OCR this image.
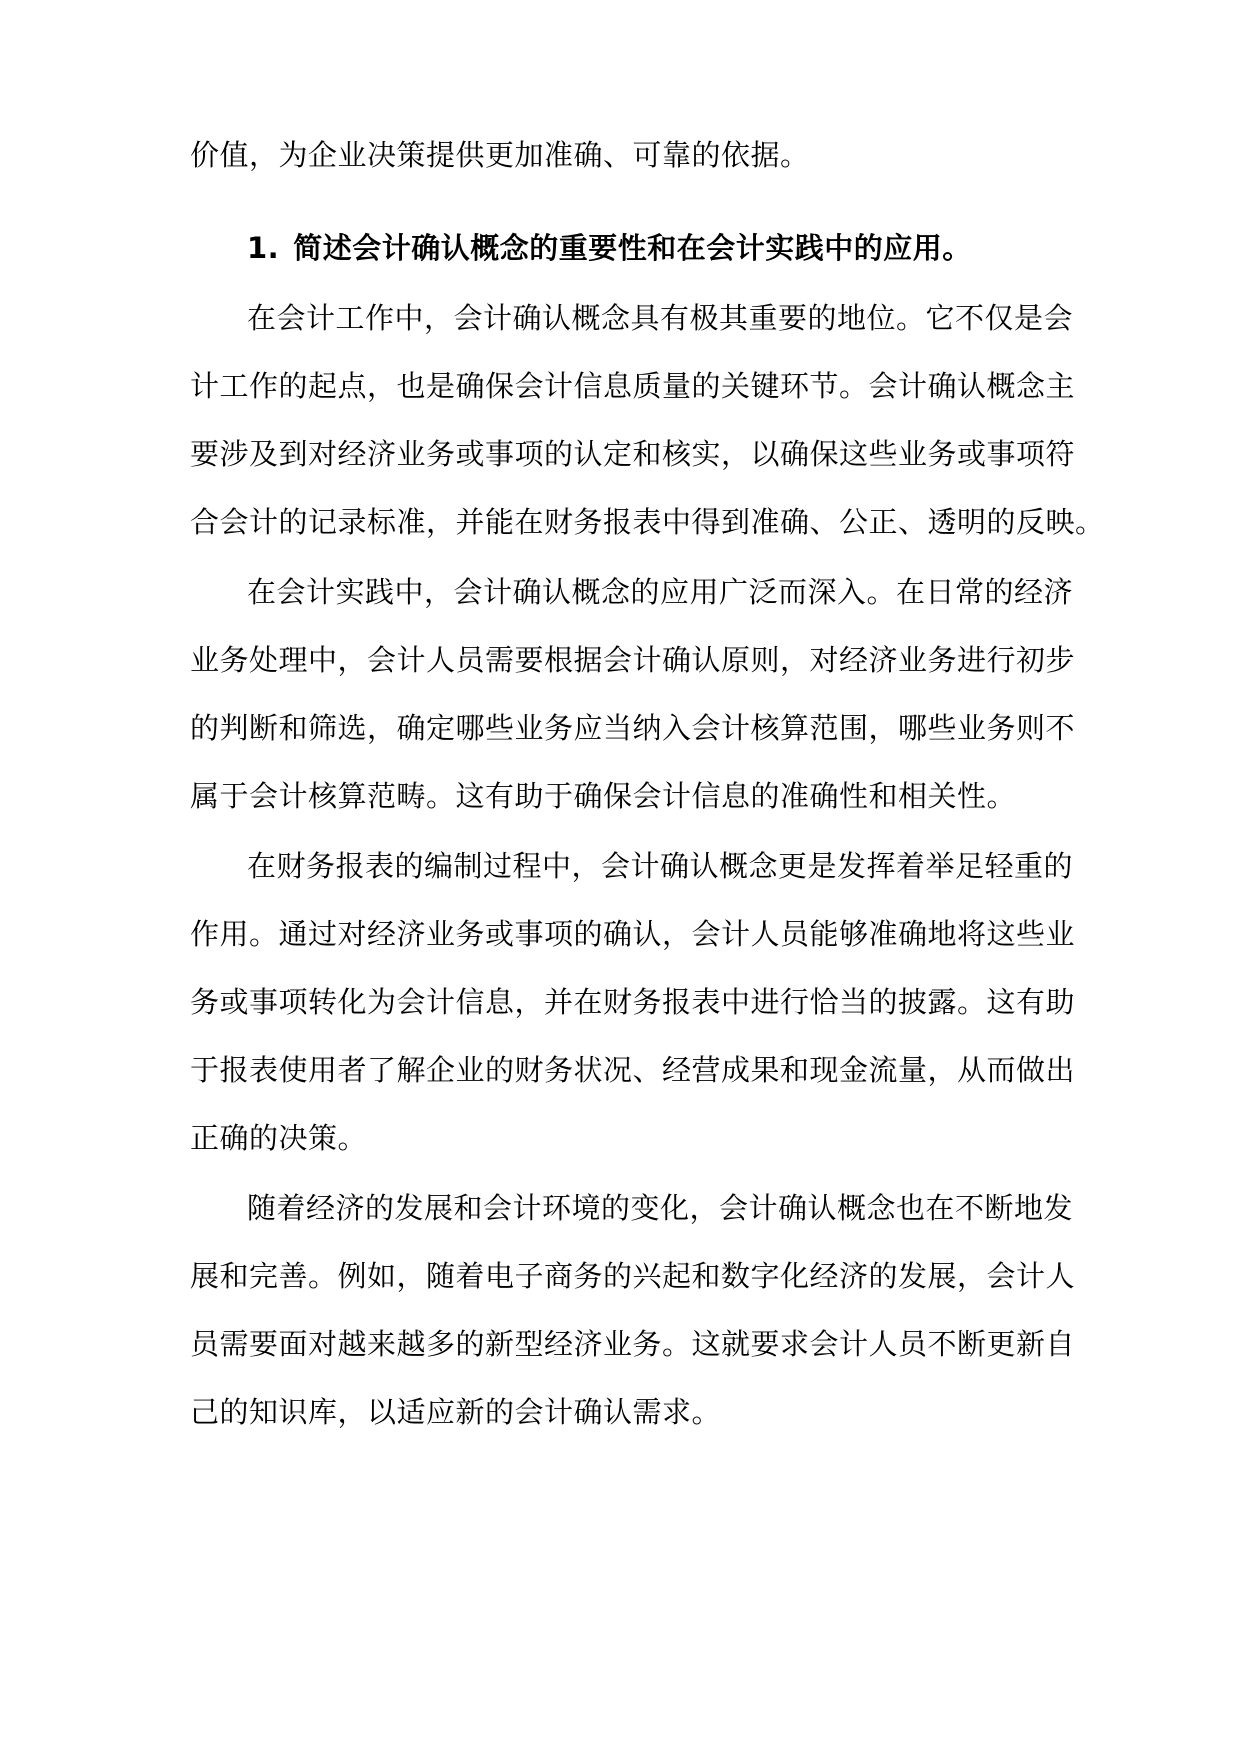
价值，为企业决策提供更加准确、可靠的依据。
1. 简述会计确认概念的重要性和在会计实践中的应用。
在会计工作中，会计确认概念具有极其重要的地位。它不仅是会
计工作的起点，也是确保会计信息质量的关键环节。会计确认概念主
要涉及到对经济业务或事项的认定和核实，以确保这些业务或事项符
合会计的记录标准，并能在财务报表中得到准确、公正、透明的反映。
在会计实践中，会计确认概念的应用广泛而深入。在日常的经济
业务处理中，会计人员需要根据会计确认原则，对经济业务进行初步
的判断和筛选，确定哪些业务应当纳入会计核算范围，哪些业务则不
属于会计核算范畴。这有助于确保会计信息的准确性和相关性。
在财务报表的编制过程中，会计确认概念更是发挥着举足轻重的
作用。通过对经济业务或事项的确认，会计人员能够准确地将这些业
务或事项转化为会计信息，并在财务报表中进行恰当的披露。这有助
于报表使用者了解企业的财务状况、经营成果和现金流量，从而做出
正确的决策。
随着经济的发展和会计环境的变化，会计确认概念也在不断地发
展和完善。例如，随着电子商务的兴起和数字化经济的发展，会计人
员需要面对越来越多的新型经济业务。这就要求会计人员不断更新自
己的知识库，以适应新的会计确认需求。
